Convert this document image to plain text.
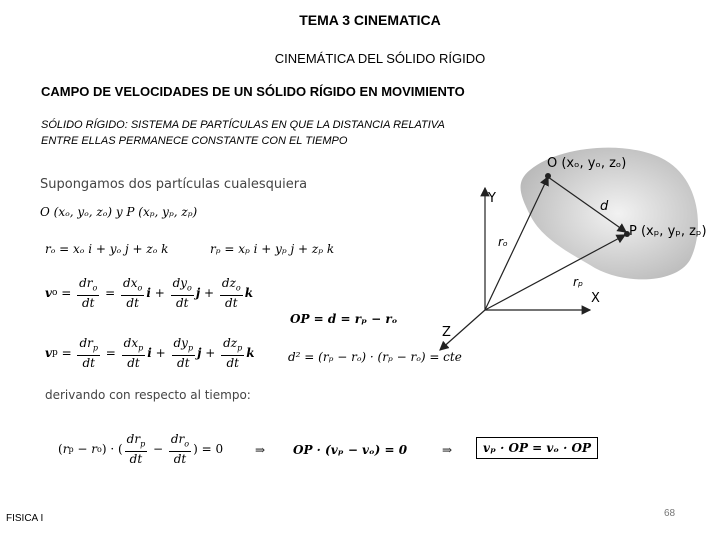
TEMA 3 CINEMATICA
CINEMÁTICA DEL SÓLIDO RÍGIDO
CAMPO DE VELOCIDADES DE UN SÓLIDO RÍGIDO EN MOVIMIENTO
SÓLIDO RÍGIDO: SISTEMA DE PARTÍCULAS EN QUE LA DISTANCIA RELATIVA
ENTRE ELLAS PERMANECE CONSTANTE CON EL TIEMPO
Supongamos dos partículas cualesquiera
O (xₒ, yₒ, zₒ) y P (xₚ, yₚ, zₚ)
rₒ = xₒ i + yₒ j + zₒ k	rₚ = xₚ i + yₚ j + zₚ k
v $o = \frac{dr_o}{dt} = \frac{dx_o}{dt}$ $i + \frac{dy_o}{dt}$ $j + \frac{dz_o}{dt}$ k
OP = d = rₚ − rₒ
v $p = \frac{dr_p}{dt} = \frac{dx_p}{dt}$ $i + \frac{dy_p}{dt}$ $j + \frac{dz_p}{dt}$ k	d² = (rₚ − rₒ) · (rₚ − rₒ) = cte
derivando con respecto al tiempo:
( r p − r o ) · ( $\frac{dr_p}{dt} - \frac{dr_o}{dt}$ ) = 0	⇒ OP · (vₚ − vₒ) = 0	⇒	vₚ · OP = vₒ · OP
O (xₒ, yₒ, zₒ)
P (xₚ, yₚ, zₚ)
d
rₒ
rₚ
X
Y
Z
FISICA I	68
